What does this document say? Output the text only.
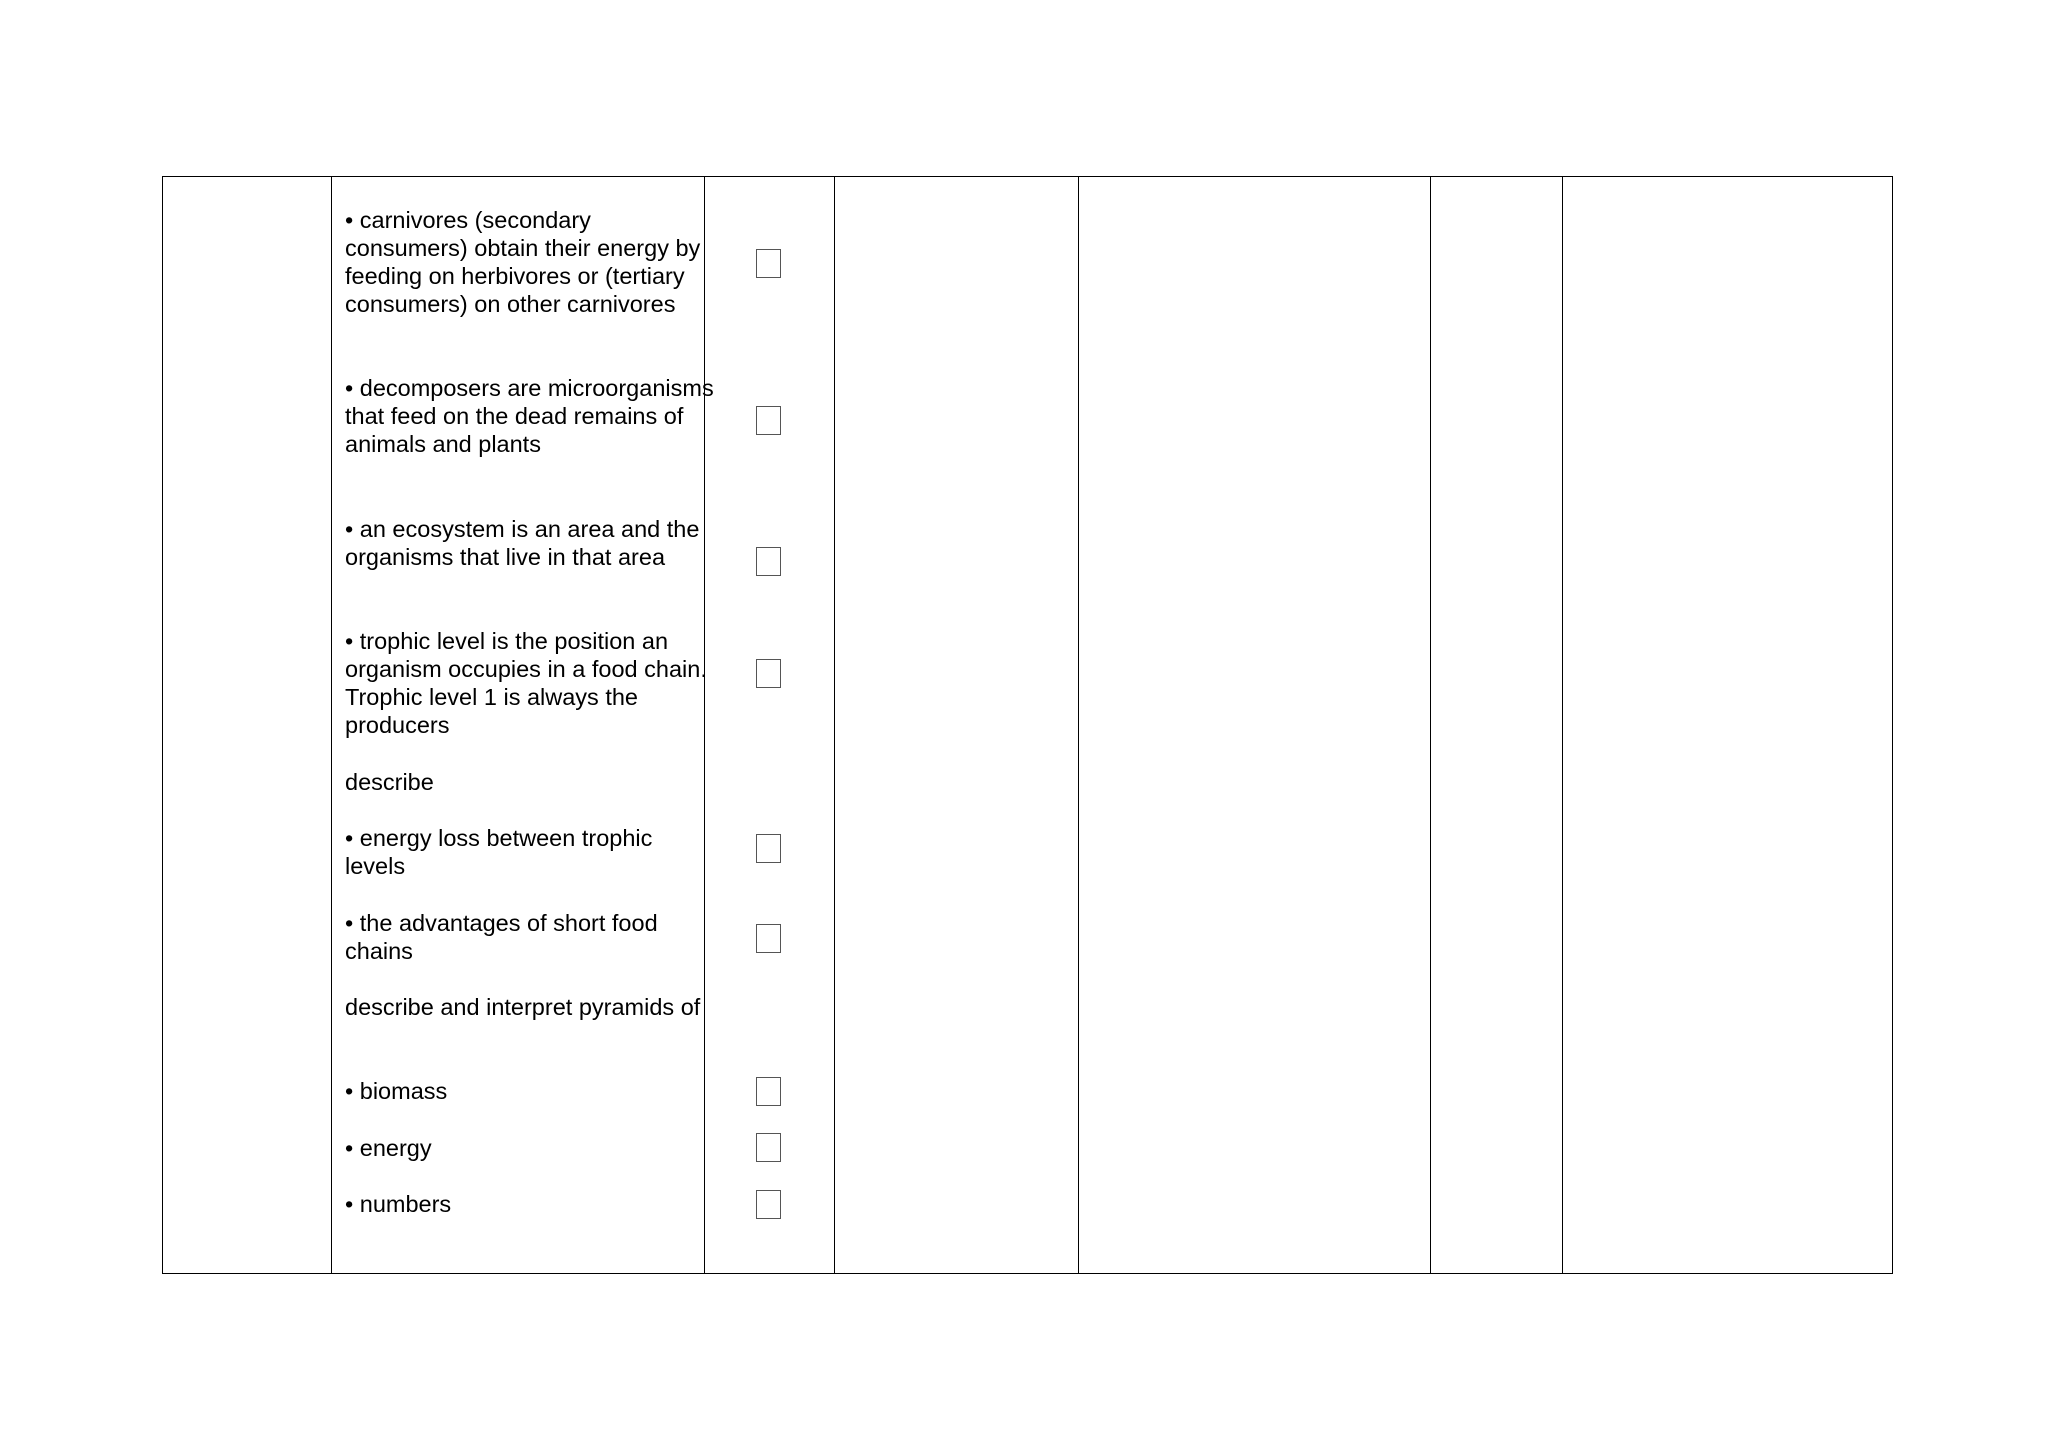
• carnivores (secondary consumers) obtain their energy by feeding on herbivores or (tertiary consumers) on other carnivores
• decomposers are microorganisms that feed on the dead remains of animals and plants
• an ecosystem is an area and the organisms that live in that area
• trophic level is the position an organism occupies in a food chain. Trophic level 1 is always the producers
describe
• energy loss between trophic levels
• the advantages of short food chains
describe and interpret pyramids of
• biomass
• energy
• numbers
